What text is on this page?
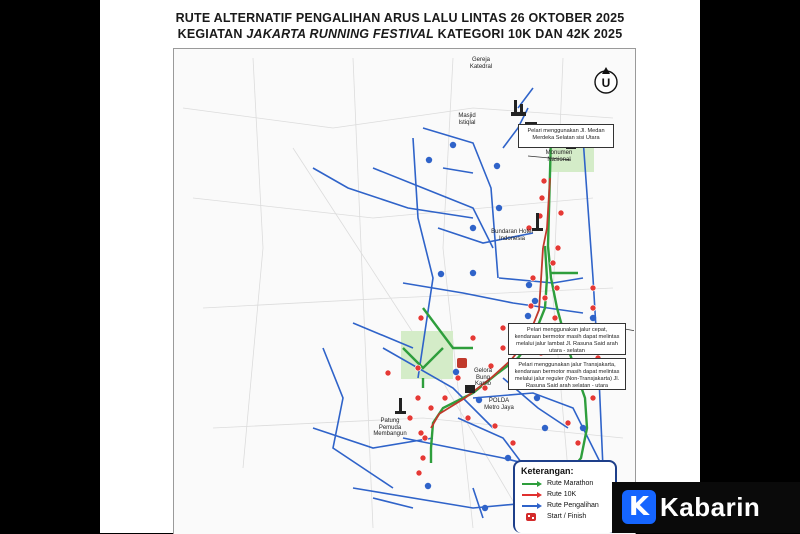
RUTE ALTERNATIF PENGALIHAN ARUS LALU LINTAS 26 OKTOBER 2025
KEGIATAN JAKARTA RUNNING FESTIVAL KATEGORI 10K DAN 42K 2025
Gereja Katedral
Masjid Istiqlal
Monumen Nasional
Bundaran Hotel Indonesia
Gelora Bung Karno
POLDA Metro Jaya
Patung Pemuda Membangun
Pelari menggunakan Jl. Medan Merdeka Selatan sisi Utara
Pelari menggunakan jalur cepat, kendaraan bermotor masih dapat melintas melalui jalur lambat Jl. Rasuna Said arah utara - selatan
Pelari menggunakan jalur Transjakarta, kendaraan bermotor masih dapat melintas melalui jalur reguler (Non-Transjakarta) Jl. Rasuna Said arah selatan - utara
U
Keterangan:
Rute Marathon
Rute 10K
Rute Pengalihan
Start / Finish K Kabarin
